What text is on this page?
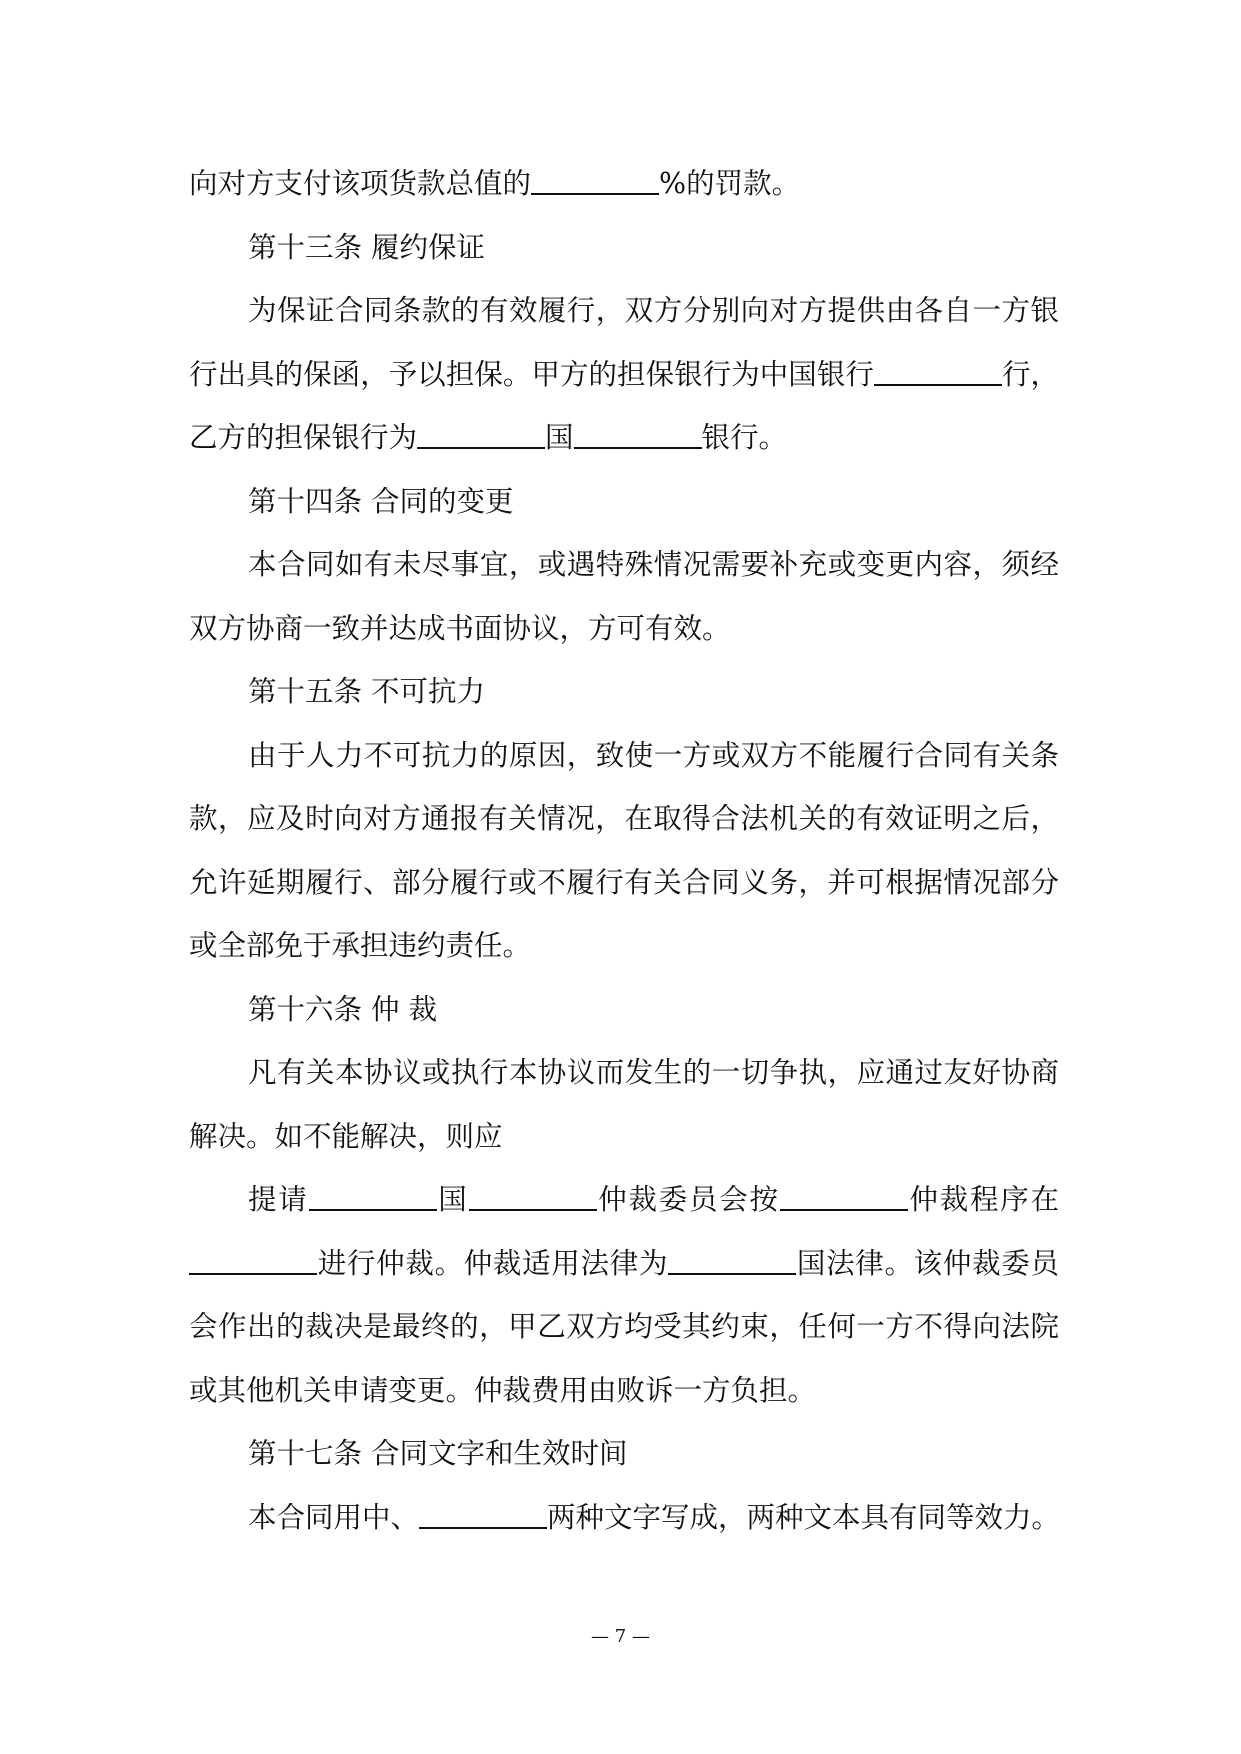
向对方支付该项货款总值的	%的罚款。
第十三条 履约保证
为保证合同条款的有效履行，双方分别向对方提供由各自一方银
行出具的保函，予以担保。甲方的担保银行为中国银行	行，
乙方的担保银行为	国	银行。
第十四条 合同的变更
本合同如有未尽事宜，或遇特殊情况需要补充或变更内容，须经
双方协商一致并达成书面协议，方可有效。
第十五条 不可抗力
由于人力不可抗力的原因，致使一方或双方不能履行合同有关条
款，应及时向对方通报有关情况，在取得合法机关的有效证明之后，
允许延期履行、部分履行或不履行有关合同义务，并可根据情况部分
或全部免于承担违约责任。
第十六条 仲 裁
凡有关本协议或执行本协议而发生的一切争执，应通过友好协商
解决。如不能解决，则应
提请	国	仲裁委员会按	仲裁程序在
进行仲裁。仲裁适用法律为	国法律。该仲裁委员
会作出的裁决是最终的，甲乙双方均受其约束，任何一方不得向法院
或其他机关申请变更。仲裁费用由败诉一方负担。
第十七条 合同文字和生效时间
本合同用中、	两种文字写成，两种文本具有同等效力。
— 7 —
